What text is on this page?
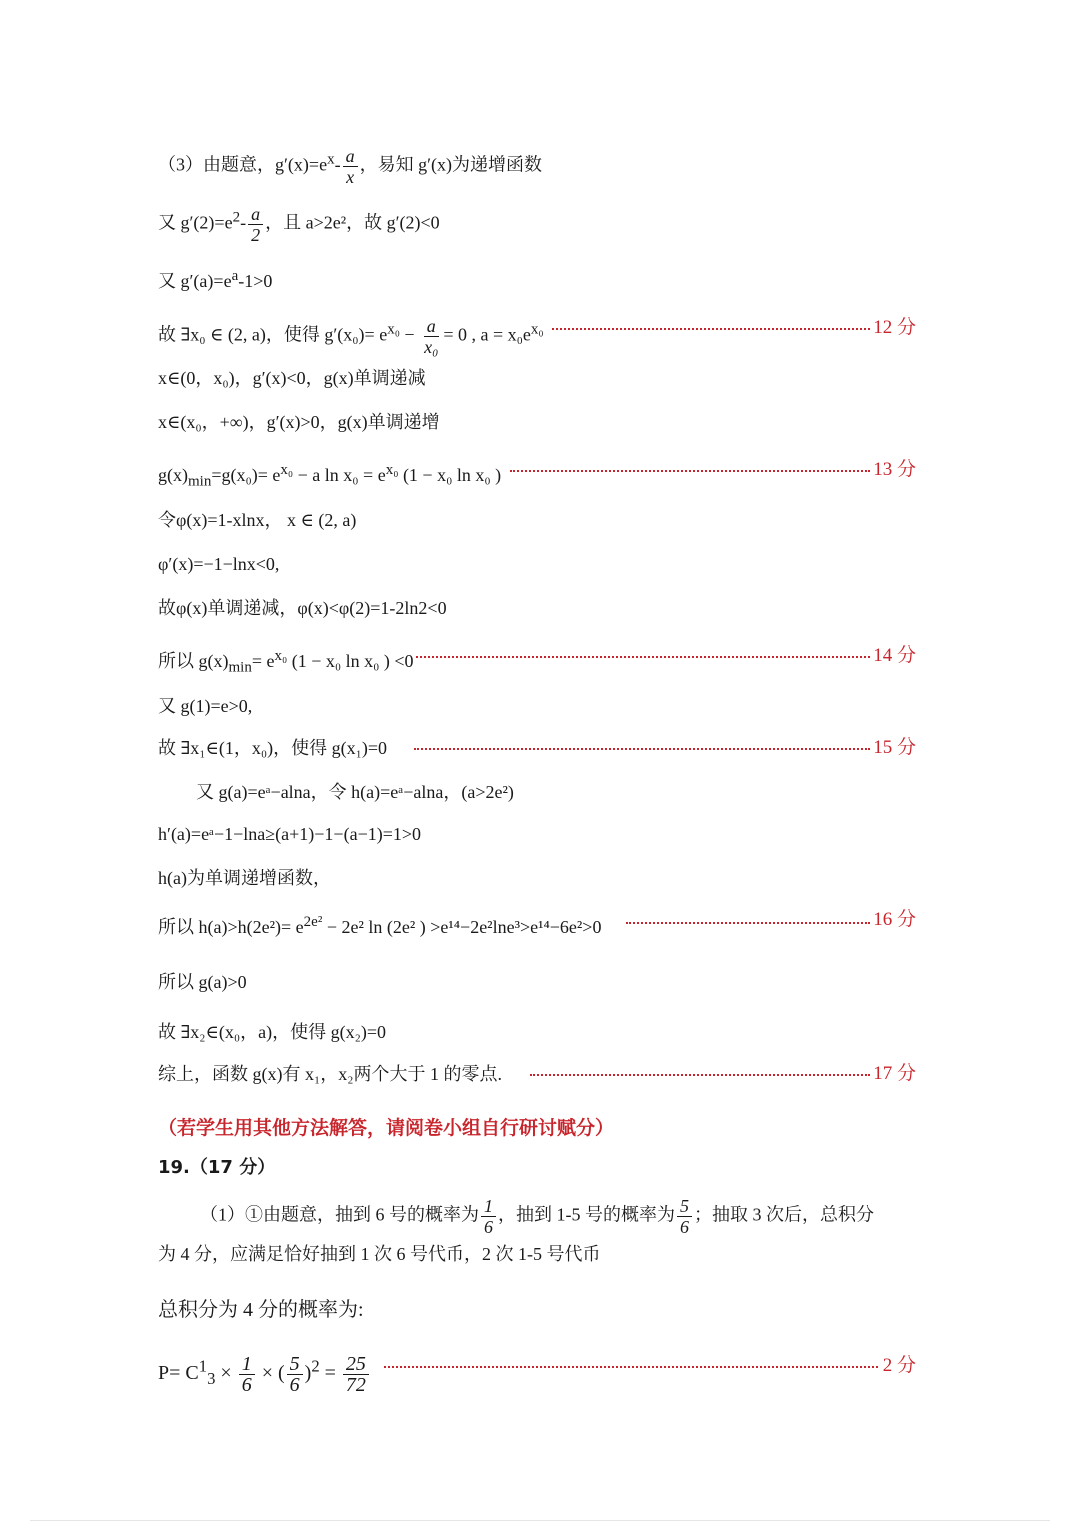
（3）由题意，$g'(x)=e^x- \frac{a}{x}$ ，易知 g′(x)为递增函数
又 $g'(2)=e^2- \frac{a}{2}$ ，且 a>2e²，故 g′(2)<0
又 $g'(a)=e^a-1>0$
故 ∃x₀ ∈ (2, a)，使得 $g'(x_0)= e^{x_0} - \frac{a}{\text{x₀}} = 0$ , $a = x_0e^{x_0}$	12 分
x∈(0，x₀)，g′(x)<0，g(x)单调递减
x∈(x₀，+∞)，g′(x)>0，g(x)单调递增
$g(x)_{min}=g(x_0)= e^{x_0} - a$ $\ln x_0 = e^{x_0}$ (1 − x₀ ln x₀ )	13 分
令φ(x)=1-xlnx， x ∈ (2, a)
φ′(x)=−1−lnx<0,
故φ(x)单调递减，φ(x)<φ(2)=1-2ln2<0
所以 $g(x)_{min}= e^{x_0}$ (1 − x₀ ln x₀ ) <0	14 分
又 g(1)=e>0,
故 ∃x₁∈(1，x₀)，使得 g(x₁)=0	15 分
又 g(a)=eᵃ−alna，令 h(a)=eᵃ−alna，(a>2e²)
h′(a)=eᵃ−1−lna≥(a+1)−1−(a−1)=1>0
h(a)为单调递增函数，
所以 $h(a)>h(2e^2)= e^{2e^2} - 2e^2$ ln (2e² ) >e¹⁴−2e²lne³>e¹⁴−6e²>0	16 分
所以 g(a)>0
故 ∃x₂∈(x₀，a)，使得 g(x₂)=0
综上，函数 g(x)有 x₁，x₂两个大于 1 的零点.	17 分
（若学生用其他方法解答，请阅卷小组自行研讨赋分）
19.（17 分）
（1）①由题意，抽到 6 号的概率为 $\frac{1}{6}$ ，抽到 1-5 号的概率为 $\frac{5}{6}$ ；抽取 3 次后，总积分
为 4 分，应满足恰好抽到 1 次 6 号代币，2 次 1-5 号代币
总积分为 4 分的概率为:
$P= C^1_3 \times \frac{1}{6}$ × ( $\frac{5}{6} )^2 = \frac{25}{72}$	2 分
